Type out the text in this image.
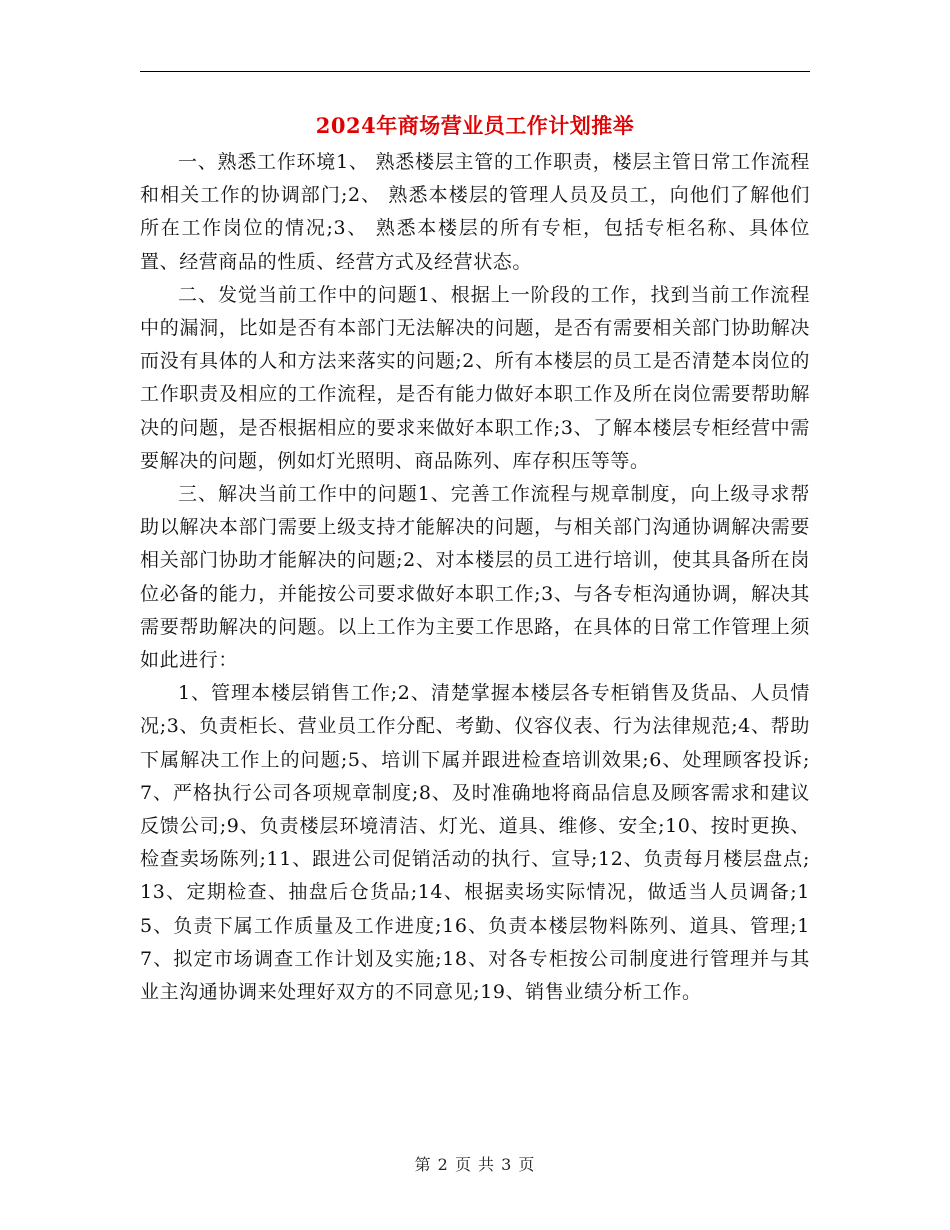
2024年商场营业员工作计划推举

一、熟悉工作环境1、 熟悉楼层主管的工作职责，楼层主管日常工作流程和相关工作的协调部门;2、 熟悉本楼层的管理人员及员工，向他们了解他们所在工作岗位的情况;3、 熟悉本楼层的所有专柜，包括专柜名称、具体位置、经营商品的性质、经营方式及经营状态。

二、发觉当前工作中的问题1、根据上一阶段的工作，找到当前工作流程中的漏洞，比如是否有本部门无法解决的问题，是否有需要相关部门协助解决而没有具体的人和方法来落实的问题;2、所有本楼层的员工是否清楚本岗位的工作职责及相应的工作流程，是否有能力做好本职工作及所在岗位需要帮助解决的问题，是否根据相应的要求来做好本职工作;3、了解本楼层专柜经营中需要解决的问题，例如灯光照明、商品陈列、库存积压等等。

三、解决当前工作中的问题1、完善工作流程与规章制度，向上级寻求帮助以解决本部门需要上级支持才能解决的问题，与相关部门沟通协调解决需要相关部门协助才能解决的问题;2、对本楼层的员工进行培训，使其具备所在岗位必备的能力，并能按公司要求做好本职工作;3、与各专柜沟通协调，解决其需要帮助解决的问题。以上工作为主要工作思路，在具体的日常工作管理上须如此进行：

1、管理本楼层销售工作;2、清楚掌握本楼层各专柜销售及货品、人员情况;3、负责柜长、营业员工作分配、考勤、仪容仪表、行为法律规范;4、帮助下属解决工作上的问题;5、培训下属并跟进检查培训效果;6、处理顾客投诉;7、严格执行公司各项规章制度;8、及时准确地将商品信息及顾客需求和建议反馈公司;9、负责楼层环境清洁、灯光、道具、维修、安全;10、按时更换、检查卖场陈列;11、跟进公司促销活动的执行、宣导;12、负责每月楼层盘点;13、定期检查、抽盘后仓货品;14、根据卖场实际情况，做适当人员调备;15、负责下属工作质量及工作进度;16、负责本楼层物料陈列、道具、管理;17、拟定市场调查工作计划及实施;18、对各专柜按公司制度进行管理并与其业主沟通协调来处理好双方的不同意见;19、销售业绩分析工作。

第 2 页 共 3 页
